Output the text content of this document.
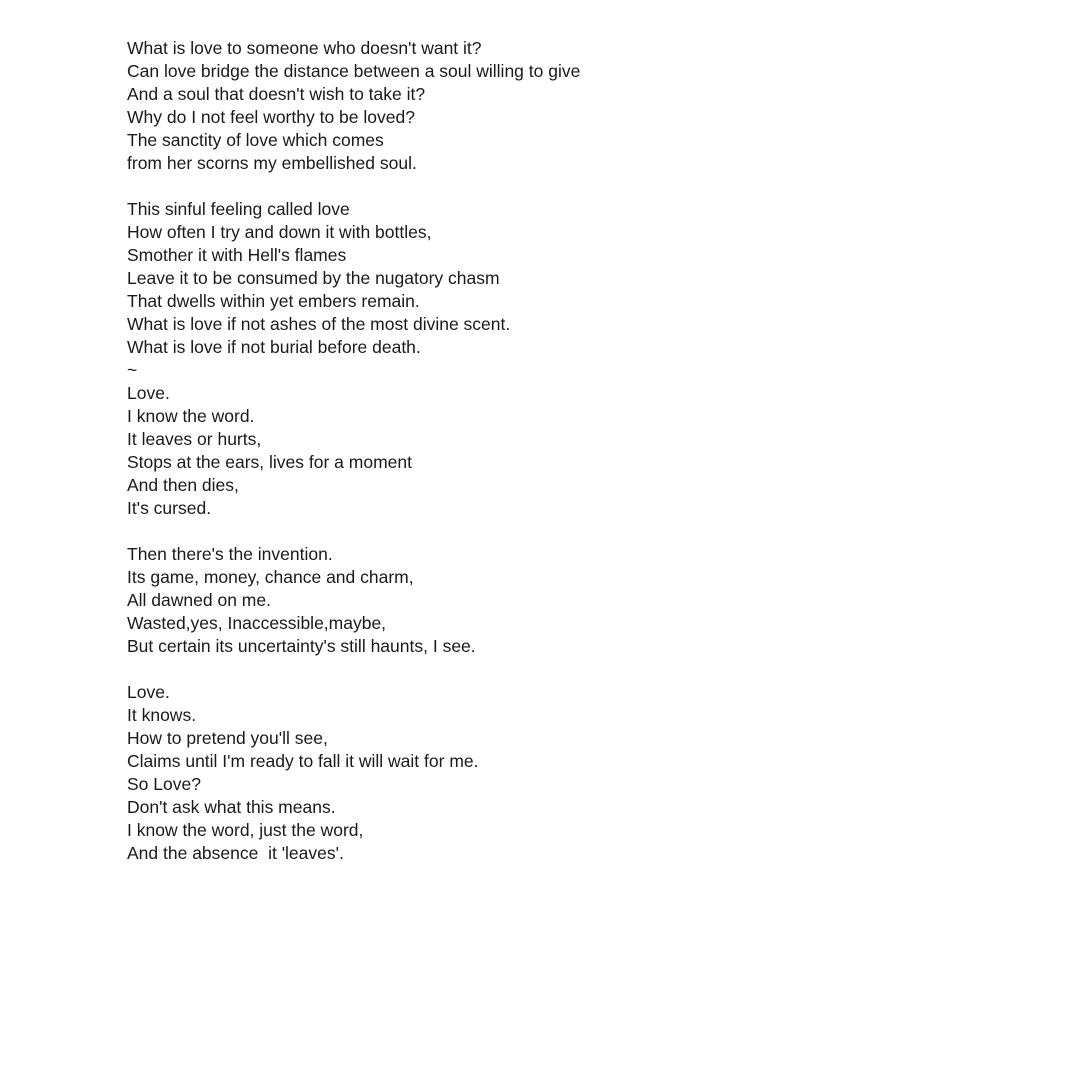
What is love to someone who doesn't want it?
Can love bridge the distance between a soul willing to give
And a soul that doesn't wish to take it?
Why do I not feel worthy to be loved?
The sanctity of love which comes
from her scorns my embellished soul.
This sinful feeling called love
How often I try and down it with bottles,
Smother it with Hell's flames
Leave it to be consumed by the nugatory chasm
That dwells within yet embers remain.
What is love if not ashes of the most divine scent.
What is love if not burial before death.
~
Love.
I know the word.
It leaves or hurts,
Stops at the ears, lives for a moment
And then dies,
It's cursed.
Then there's the invention.
Its game, money, chance and charm,
All dawned on me.
Wasted,yes, Inaccessible,maybe,
But certain its uncertainty's still haunts, I see.
Love.
It knows.
How to pretend you'll see,
Claims until I'm ready to fall it will wait for me.
So Love?
Don't ask what this means.
I know the word, just the word,
And the absence  it 'leaves'.
